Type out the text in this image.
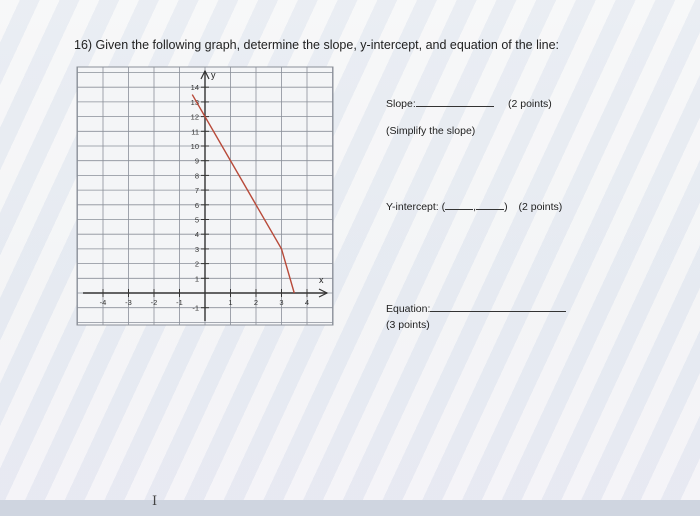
16) Given the following graph, determine the slope, y-intercept, and equation of the line:
y
x
-4	-3	-2	-1	1	2	3	4
-1
1
2
3
4
5
6
7
8
9
10
11
12
13
14
Slope:	(2 points)
(Simplify the slope)
Y-intercept: (	,	) (2 points)
Equation:
(3 points)
I
